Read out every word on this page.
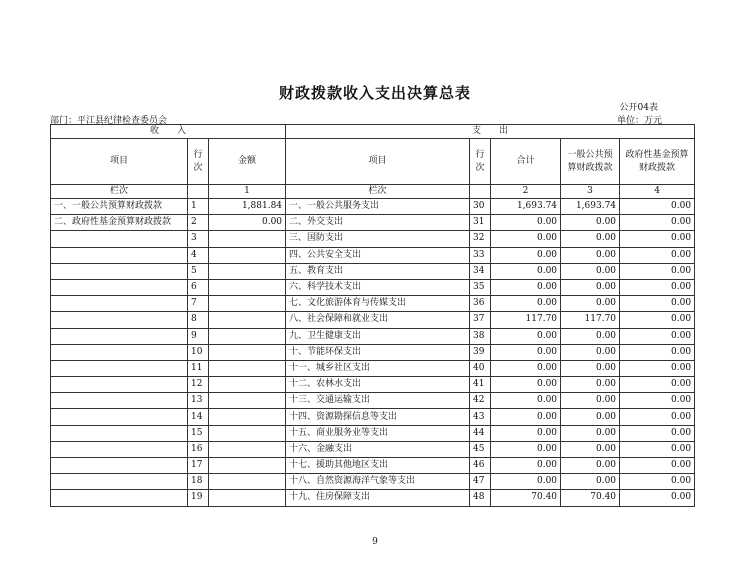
财政拨款收入支出决算总表
公开04表
部门：平江县纪律检查委员会	单位：万元
收　　入			支　　出				
项目	行次	金额	项目	行次	合计	一般公共预算财政拨款	政府性基金预算财政拨款
栏次		1	栏次		2	3	4
一、一般公共预算财政拨款	1	1,881.84	一、一般公共服务支出	30	1,693.74	1,693.74	0.00
二、政府性基金预算财政拨款	2	0.00	二、外交支出	31	0.00	0.00	0.00
	3		三、国防支出	32	0.00	0.00	0.00
	4		四、公共安全支出	33	0.00	0.00	0.00
	5		五、教育支出	34	0.00	0.00	0.00
	6		六、科学技术支出	35	0.00	0.00	0.00
	7		七、文化旅游体育与传媒支出	36	0.00	0.00	0.00
	8		八、社会保障和就业支出	37	117.70	117.70	0.00
	9		九、卫生健康支出	38	0.00	0.00	0.00
	10		十、节能环保支出	39	0.00	0.00	0.00
	11		十一、城乡社区支出	40	0.00	0.00	0.00
	12		十二、农林水支出	41	0.00	0.00	0.00
	13		十三、交通运输支出	42	0.00	0.00	0.00
	14		十四、资源勘探信息等支出	43	0.00	0.00	0.00
	15		十五、商业服务业等支出	44	0.00	0.00	0.00
	16		十六、金融支出	45	0.00	0.00	0.00
	17		十七、援助其他地区支出	46	0.00	0.00	0.00
	18		十八、自然资源海洋气象等支出	47	0.00	0.00	0.00
	19		十九、住房保障支出	48	70.40	70.40	0.00
9
